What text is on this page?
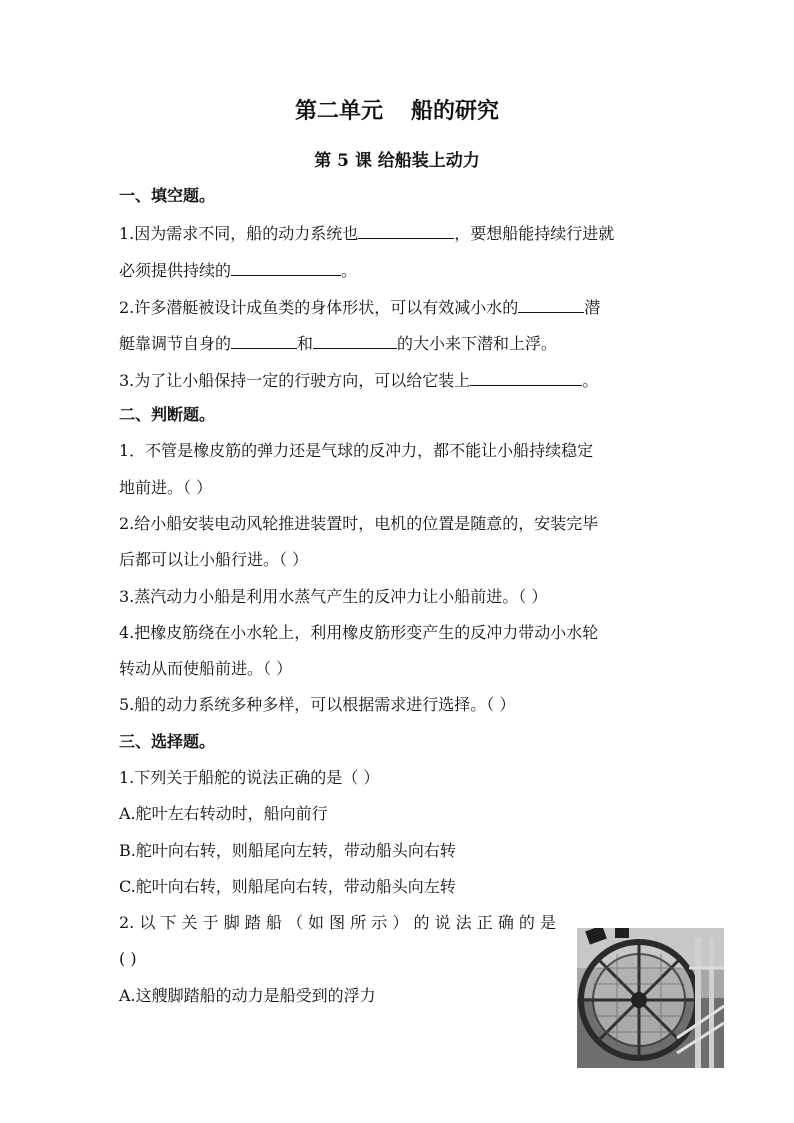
第二单元 船的研究
第 5 课 给船装上动力

一、填空题。

1.因为需求不同，船的动力系统也	，要想船能持续行进就

必须提供持续的	。

2.许多潜艇被设计成鱼类的身体形状，可以有效减小水的	潜

艇靠调节自身的	和	的大小来下潜和上浮。

3.为了让小船保持一定的行驶方向，可以给它装上	。

二、判断题。

1．不管是橡皮筋的弹力还是气球的反冲力，都不能让小船持续稳定

地前进。（ ）

2.给小船安装电动风轮推进装置时，电机的位置是随意的，安装完毕

后都可以让小船行进。（ ）

3.蒸汽动力小船是利用水蒸气产生的反冲力让小船前进。（ ）

4.把橡皮筋绕在小水轮上，利用橡皮筋形变产生的反冲力带动小水轮

转动从而使船前进。（ ）

5.船的动力系统多种多样，可以根据需求进行选择。（ ）

三、选择题。

1.下列关于船舵的说法正确的是（ ）

A.舵叶左右转动时，船向前行

B.舵叶向右转，则船尾向左转，带动船头向右转

C.舵叶向右转，则船尾向右转，带动船头向左转

2. 以 下 关 于 脚 踏 船 （ 如 图 所 示 ） 的 说 法 正 确 的 是

( )

A.这艘脚踏船的动力是船受到的浮力
